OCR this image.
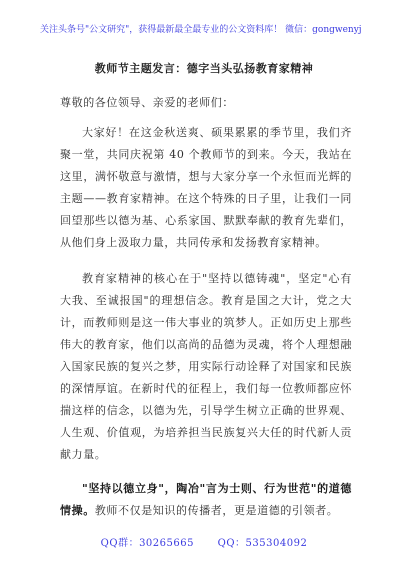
关注头条号"公文研究"，获得最新最全最专业的公文资料库！ 微信：gongwenyj
教师节主题发言：德字当头弘扬教育家精神
尊敬的各位领导、亲爱的老师们：
大家好！在这金秋送爽、硕果累累的季节里，我们齐聚一堂，共同庆祝第 40 个教师节的到来。今天，我站在这里，满怀敬意与激情，想与大家分享一个永恒而光辉的主题——教育家精神。在这个特殊的日子里，让我们一同回望那些以德为基、心系家国、默默奉献的教育先辈们，从他们身上汲取力量，共同传承和发扬教育家精神。
教育家精神的核心在于"坚持以德铸魂"，坚定"心有大我、至诚报国"的理想信念。教育是国之大计，党之大计，而教师则是这一伟大事业的筑梦人。正如历史上那些伟大的教育家，他们以高尚的品德为灵魂，将个人理想融入国家民族的复兴之梦，用实际行动诠释了对国家和民族的深情厚谊。在新时代的征程上，我们每一位教师都应怀揣这样的信念，以德为先，引导学生树立正确的世界观、人生观、价值观，为培养担当民族复兴大任的时代新人贡献力量。
"坚持以德立身"，陶冶"言为士则、行为世范"的道德情操。教师不仅是知识的传播者，更是道德的引领者。
QQ群：30265665 QQ：535304092
